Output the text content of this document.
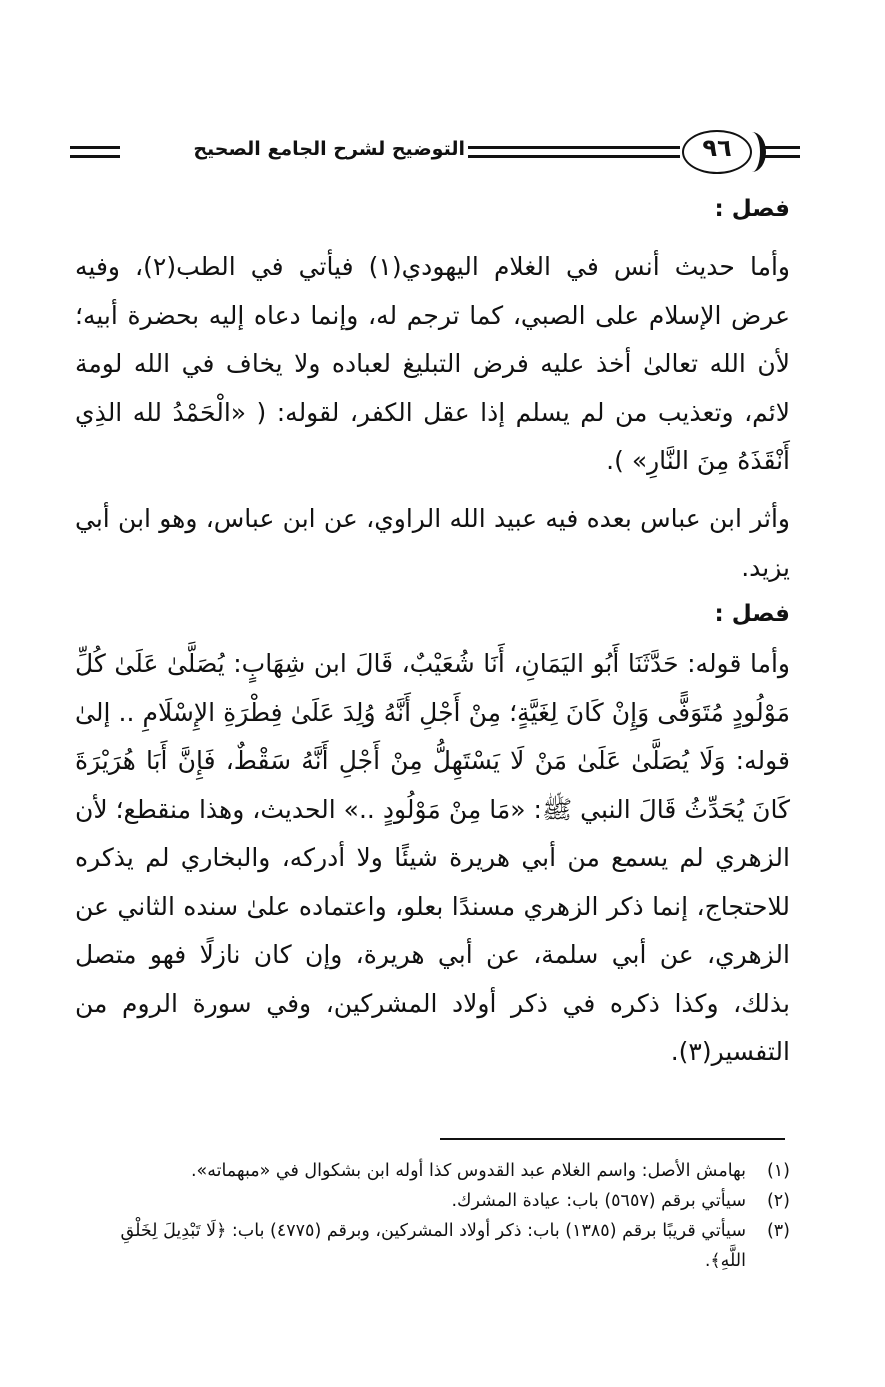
التوضيح لشرح الجامع الصحيح	٩٦
فصل :

وأما حديث أنس في الغلام اليهودي(١) فيأتي في الطب(٢)، وفيه عرض الإسلام على الصبي، كما ترجم له، وإنما دعاه إليه بحضرة أبيه؛ لأن الله تعالىٰ أخذ عليه فرض التبليغ لعباده ولا يخاف في الله لومة لائم، وتعذيب من لم يسلم إذا عقل الكفر، لقوله: ( «الْحَمْدُ لله الذِي أَنْقَذَهُ مِنَ النَّارِ» ).

وأثر ابن عباس بعده فيه عبيد الله الراوي، عن ابن عباس، وهو ابن أبي يزيد.

فصل :

وأما قوله: حَدَّثَنَا أَبُو اليَمَانِ، أَنَا شُعَيْبٌ، قَالَ ابن شِهَابٍ: يُصَلَّىٰ عَلَىٰ كُلِّ مَوْلُودٍ مُتَوَفًّى وَإِنْ كَانَ لِغَيَّةٍ؛ مِنْ أَجْلِ أَنَّهُ وُلِدَ عَلَىٰ فِطْرَةِ الإِسْلَامِ .. إلىٰ قوله: وَلَا يُصَلَّىٰ عَلَىٰ مَنْ لَا يَسْتَهِلُّ مِنْ أَجْلِ أَنَّهُ سَقْطٌ، فَإِنَّ أَبَا هُرَيْرَةَ كَانَ يُحَدِّثُ قَالَ النبي ﷺ: «مَا مِنْ مَوْلُودٍ ..» الحديث، وهذا منقطع؛ لأن الزهري لم يسمع من أبي هريرة شيئًا ولا أدركه، والبخاري لم يذكره للاحتجاج، إنما ذكر الزهري مسندًا بعلو، واعتماده علىٰ سنده الثاني عن الزهري، عن أبي سلمة، عن أبي هريرة، وإن كان نازلًا فهو متصل بذلك، وكذا ذكره في ذكر أولاد المشركين، وفي سورة الروم من التفسير(٣).

(١)
بهامش الأصل: واسم الغلام عبد القدوس كذا أوله ابن بشكوال في «مبهماته».
(٢)
سيأتي برقم (٥٦٥٧) باب: عيادة المشرك.
(٣)
سيأتي قريبًا برقم (١٣٨٥) باب: ذكر أولاد المشركين، وبرقم (٤٧٧٥) باب: ﴿لَا تَبْدِيلَ لِخَلْقِ اللَّهِ﴾.
